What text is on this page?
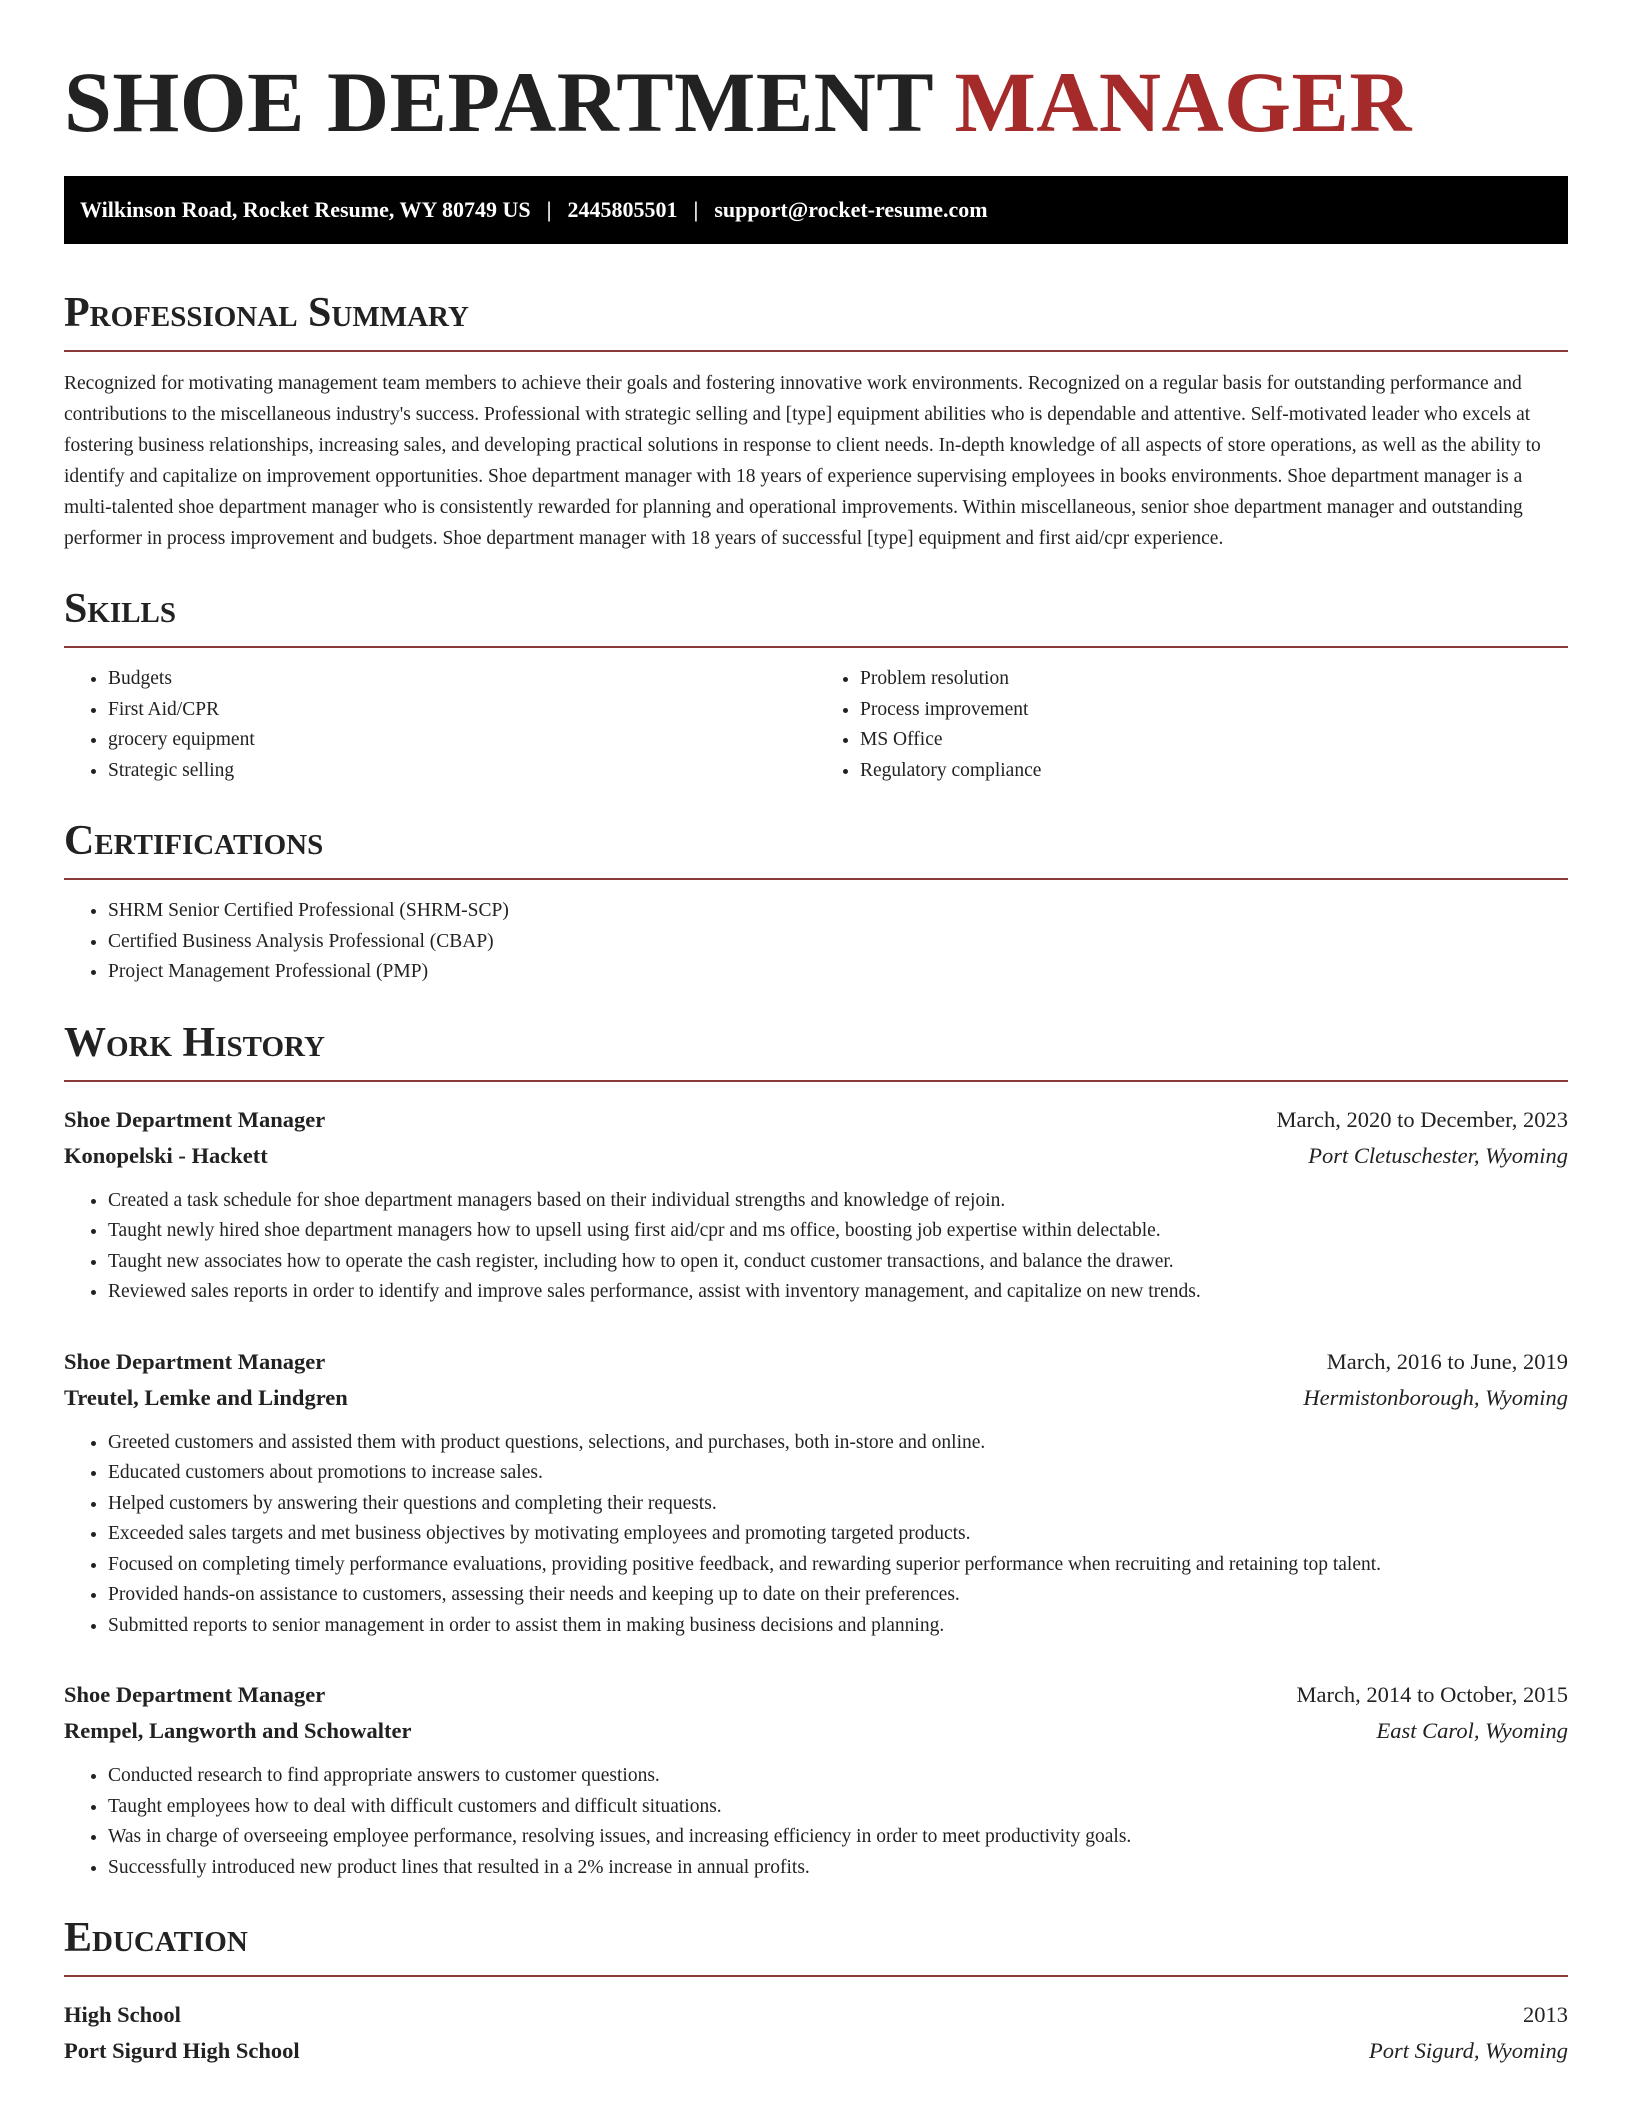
SHOE DEPARTMENT MANAGER
Wilkinson Road, Rocket Resume, WY 80749 US | 2445805501 | support@rocket-resume.com
Professional Summary

Recognized for motivating management team members to achieve their goals and fostering innovative work environments. Recognized on a regular basis for outstanding performance and contributions to the miscellaneous industry's success. Professional with strategic selling and [type] equipment abilities who is dependable and attentive. Self-motivated leader who excels at fostering business relationships, increasing sales, and developing practical solutions in response to client needs. In-depth knowledge of all aspects of store operations, as well as the ability to identify and capitalize on improvement opportunities. Shoe department manager with 18 years of experience supervising employees in books environments. Shoe department manager is a multi-talented shoe department manager who is consistently rewarded for planning and operational improvements. Within miscellaneous, senior shoe department manager and outstanding performer in process improvement and budgets. Shoe department manager with 18 years of successful [type] equipment and first aid/cpr experience.

Skills
• Budgets
• First Aid/CPR
• grocery equipment
• Strategic selling
• Problem resolution
• Process improvement
• MS Office
• Regulatory compliance
Certifications
• SHRM Senior Certified Professional (SHRM-SCP)
• Certified Business Analysis Professional (CBAP)
• Project Management Professional (PMP)
Work History
Shoe Department Manager	March, 2020 to December, 2023
Konopelski - Hackett	Port Cletuschester, Wyoming
• Created a task schedule for shoe department managers based on their individual strengths and knowledge of rejoin.
• Taught newly hired shoe department managers how to upsell using first aid/cpr and ms office, boosting job expertise within delectable.
• Taught new associates how to operate the cash register, including how to open it, conduct customer transactions, and balance the drawer.
• Reviewed sales reports in order to identify and improve sales performance, assist with inventory management, and capitalize on new trends.
Shoe Department Manager	March, 2016 to June, 2019
Treutel, Lemke and Lindgren	Hermistonborough, Wyoming
• Greeted customers and assisted them with product questions, selections, and purchases, both in-store and online.
• Educated customers about promotions to increase sales.
• Helped customers by answering their questions and completing their requests.
• Exceeded sales targets and met business objectives by motivating employees and promoting targeted products.
• Focused on completing timely performance evaluations, providing positive feedback, and rewarding superior performance when recruiting and retaining top talent.
• Provided hands-on assistance to customers, assessing their needs and keeping up to date on their preferences.
• Submitted reports to senior management in order to assist them in making business decisions and planning.
Shoe Department Manager	March, 2014 to October, 2015
Rempel, Langworth and Schowalter	East Carol, Wyoming
• Conducted research to find appropriate answers to customer questions.
• Taught employees how to deal with difficult customers and difficult situations.
• Was in charge of overseeing employee performance, resolving issues, and increasing efficiency in order to meet productivity goals.
• Successfully introduced new product lines that resulted in a 2% increase in annual profits.
Education
High School	2013
Port Sigurd High School	Port Sigurd, Wyoming
